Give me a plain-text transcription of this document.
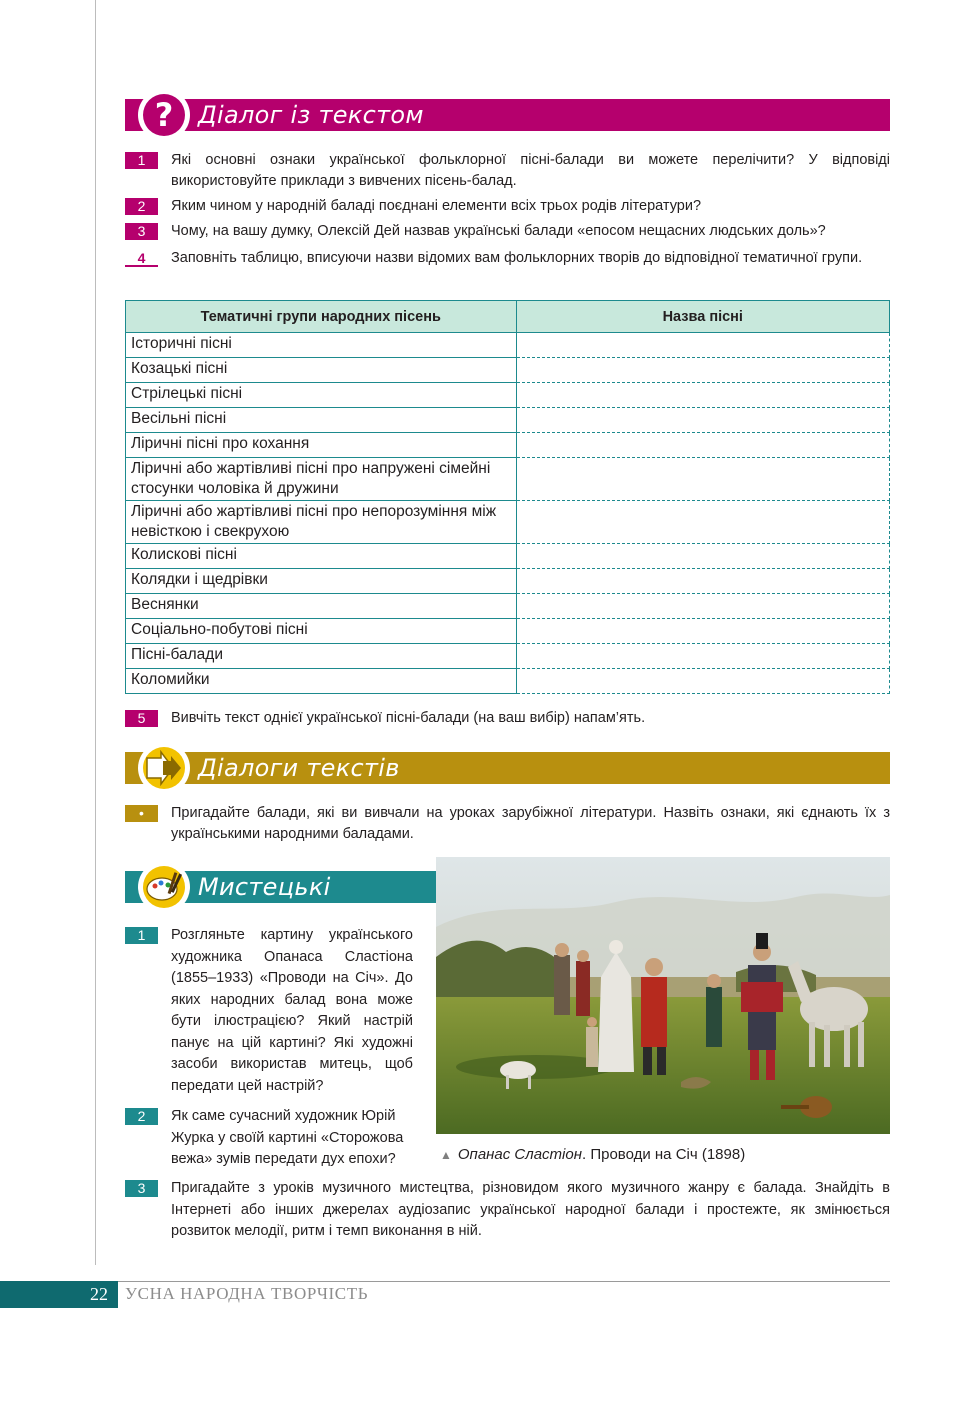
? Діалог із текстом
1	Які основні ознаки української фольклорної пісні-балади ви можете перелічити? У відповіді використовуйте приклади з вивчених пісень-балад.
2	Яким чином у народній баладі поєднані елементи всіх трьох родів літератури?
3	Чому, на вашу думку, Олексій Дей назвав українські балади «епосом нещасних людських доль»?
4	Заповніть таблицю, вписуючи назви відомих вам фольклорних творів до відповідної тематичної групи.
Тематичні групи народних пісень	Назва пісні
Історичні пісні	
Козацькі пісні	
Стрілецькі пісні	
Весільні пісні	
Ліричні пісні про кохання	
Ліричні або жартівливі пісні про напружені сімейні стосунки чоловіка й дружини	
Ліричні або жартівливі пісні про непорозуміння між невісткою і свекрухою	
Колискові пісні	
Колядки і щедрівки	
Веснянки	
Соціально-побутові пісні	
Пісні-балади	
Коломийки	
5	Вивчіть текст однієї української пісні-балади (на ваш вибір) напам’ять.
Діалоги текстів
•	Пригадайте балади, які ви вивчали на уроках зарубіжної літератури. Назвіть ознаки, які єднають їх з українськими народними баладами.
Мистецькі діалоги
1	Розгляньте картину українського художника Опанаса Сластіона (1855–1933) «Проводи на Січ». До яких народних балад вона може бути ілюстрацією? Який настрій панує на цій картині? Які художні засоби використав митець, щоб передати цей настрій?
2	Як саме сучасний художник Юрій Журка у своїй картині «Сторожова вежа» зумів передати дух епохи?	▲ Опанас Сластіон. Проводи на Січ (1898)
3	Пригадайте з уроків музичного мистецтва, різновидом якого музичного жанру є балада. Знайдіть в Інтернеті або інших джерелах аудіозапис української народної балади і простежте, як змінюється розвиток мелодії, ритм і темп виконання в ній.
22 УСНА НАРОДНА ТВОРЧІСТЬ
